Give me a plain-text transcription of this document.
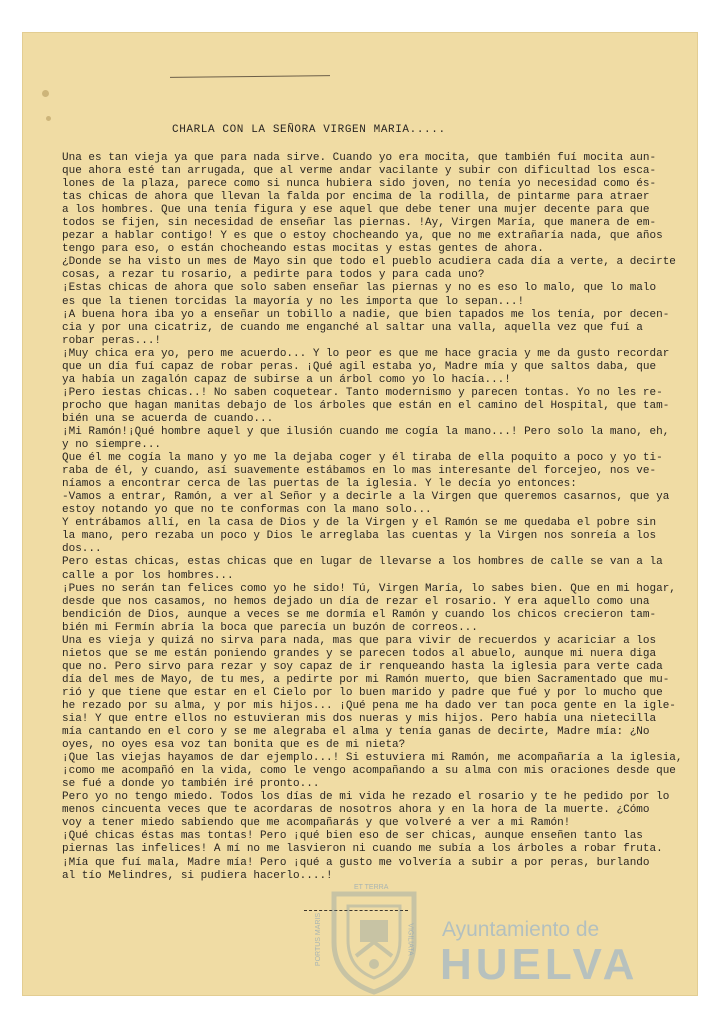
CHARLA CON LA SEÑORA VIRGEN MARIA.....
Una es tan vieja ya que para nada sirve. Cuando yo era mocita, que también fuí mocita aun-
que ahora esté tan arrugada, que al verme andar vacilante y subir con dificultad los esca-
lones de la plaza, parece como si nunca hubiera sido joven, no tenía yo necesidad como és-
tas chicas de ahora que llevan la falda por encima de la rodilla, de pintarme para atraer
a los hombres. Que una tenía figura y ese aquel que debe tener una mujer decente para que
todos se fijen, sin necesidad de enseñar las piernas. !Ay, Virgen María, que manera de em-
pezar a hablar contigo! Y es que o estoy chocheando ya, que no me extrañaría nada, que años
tengo para eso, o están chocheando estas mocitas y estas gentes de ahora.
¿Donde se ha visto un mes de Mayo sin que todo el pueblo acudiera cada día a verte, a decirte
cosas, a rezar tu rosario, a pedirte para todos y para cada uno?
¡Estas chicas de ahora que solo saben enseñar las piernas y no es eso lo malo, que lo malo
es que la tienen torcidas la mayoría y no les importa que lo sepan...!
¡A buena hora iba yo a enseñar un tobillo a nadie, que bien tapados me los tenía, por decen-
cia y por una cicatriz, de cuando me enganché al saltar una valla, aquella vez que fuí a
robar peras...!
¡Muy chica era yo, pero me acuerdo... Y lo peor es que me hace gracia y me da gusto recordar
que un día fuí capaz de robar peras. ¡Qué agil estaba yo, Madre mía y que saltos daba, que
ya había un zagalón capaz de subirse a un árbol como yo lo hacía...!
¡Pero iestas chicas..! No saben coquetear. Tanto modernismo y parecen tontas. Yo no les re-
procho que hagan manitas debajo de los árboles que están en el camino del Hospital, que tam-
bién una se acuerda de cuando...
¡Mi Ramón!¡Qué hombre aquel y que ilusión cuando me cogía la mano...! Pero solo la mano, eh,
y no siempre...
Que él me cogía la mano y yo me la dejaba coger y él tiraba de ella poquito a poco y yo ti-
raba de él, y cuando, así suavemente estábamos en lo mas interesante del forcejeo, nos ve-
níamos a encontrar cerca de las puertas de la iglesia. Y le decía yo entonces:
-Vamos a entrar, Ramón, a ver al Señor y a decirle a la Virgen que queremos casarnos, que ya
estoy notando yo que no te conformas con la mano solo...
Y entrábamos allí, en la casa de Dios y de la Virgen y el Ramón se me quedaba el pobre sin
la mano, pero rezaba un poco y Dios le arreglaba las cuentas y la Virgen nos sonreía a los
dos...
Pero estas chicas, estas chicas que en lugar de llevarse a los hombres de calle se van a la
calle a por los hombres...
¡Pues no serán tan felices como yo he sido! Tú, Virgen María, lo sabes bien. Que en mi hogar,
desde que nos casamos, no hemos dejado un día de rezar el rosario. Y era aquello como una
bendición de Dios, aunque a veces se me dormía el Ramón y cuando los chicos crecieron tam-
bién mi Fermín abría la boca que parecía un buzón de correos...
Una es vieja y quizá no sirva para nada, mas que para vivir de recuerdos y acariciar a los
nietos que se me están poniendo grandes y se parecen todos al abuelo, aunque mi nuera diga
que no. Pero sirvo para rezar y soy capaz de ir renqueando hasta la iglesia para verte cada
día del mes de Mayo, de tu mes, a pedirte por mi Ramón muerto, que bien Sacramentado que mu-
rió y que tiene que estar en el Cielo por lo buen marido y padre que fué y por lo mucho que
he rezado por su alma, y por mis hijos... ¡Qué pena me ha dado ver tan poca gente en la igle-
sia! Y que entre ellos no estuvieran mis dos nueras y mis hijos. Pero había una nietecilla
mía cantando en el coro y se me alegraba el alma y tenía ganas de decirte, Madre mía: ¿No
oyes, no oyes esa voz tan bonita que es de mi nieta?
¡Que las viejas hayamos de dar ejemplo...! Si estuviera mi Ramón, me acompañaría a la iglesia,
¡como me acompañó en la vida, como le vengo acompañando a su alma con mis oraciones desde que
se fué a donde yo también iré pronto...
Pero yo no tengo miedo. Todos los días de mi vida he rezado el rosario y te he pedido por lo
menos cincuenta veces que te acordaras de nosotros ahora y en la hora de la muerte. ¿Cómo
voy a tener miedo sabiendo que me acompañarás y que volveré a ver a mi Ramón!
¡Qué chicas éstas mas tontas! Pero ¡qué bien eso de ser chicas, aunque enseñen tanto las
piernas las infelices! A mí no me lasvieron ni cuando me subía a los árboles a robar fruta.
¡Mía que fuí mala, Madre mía! Pero ¡qué a gusto me volvería a subir a por peras, burlando
al tío Melindres, si pudiera hacerlo....!
ET TERRA
PORTUS MARIS	VIGILIATA Ayuntamiento de
HUELVA
